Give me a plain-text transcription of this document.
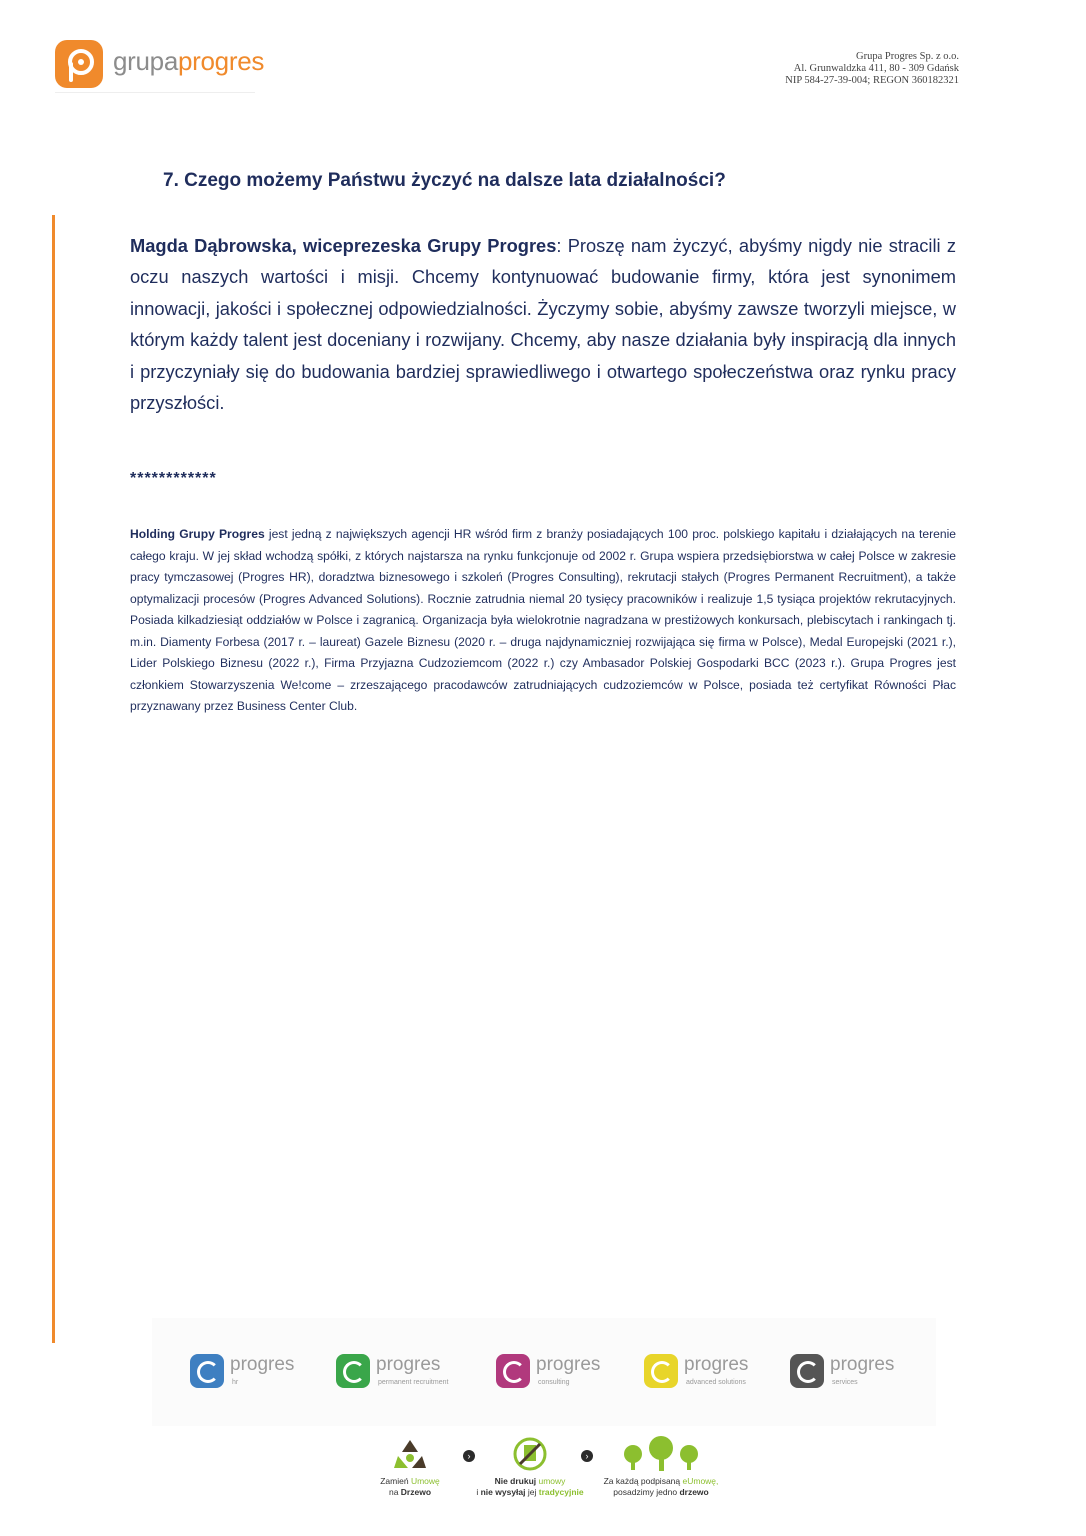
grupaprogres	Grupa Progres Sp. z o.o.
Al. Grunwaldzka 411, 80 - 309 Gdańsk
NIP 584-27-39-004; REGON 360182321
7. Czego możemy Państwu życzyć na dalsze lata działalności?
Magda Dąbrowska, wiceprezeska Grupy Progres: Proszę nam życzyć, abyśmy nigdy nie stracili z oczu naszych wartości i misji. Chcemy kontynuować budowanie firmy, która jest synonimem innowacji, jakości i społecznej odpowiedzialności. Życzymy sobie, abyśmy zawsze tworzyli miejsce, w którym każdy talent jest doceniany i rozwijany. Chcemy, aby nasze działania były inspiracją dla innych i przyczyniały się do budowania bardziej sprawiedliwego i otwartego społeczeństwa oraz rynku pracy przyszłości.
************
Holding Grupy Progres jest jedną z największych agencji HR wśród firm z branży posiadających 100 proc. polskiego kapitału i działających na terenie całego kraju. W jej skład wchodzą spółki, z których najstarsza na rynku funkcjonuje od 2002 r. Grupa wspiera przedsiębiorstwa w całej Polsce w zakresie pracy tymczasowej (Progres HR), doradztwa biznesowego i szkoleń (Progres Consulting), rekrutacji stałych (Progres Permanent Recruitment), a także optymalizacji procesów (Progres Advanced Solutions). Rocznie zatrudnia niemal 20 tysięcy pracowników i realizuje 1,5 tysiąca projektów rekrutacyjnych. Posiada kilkadziesiąt oddziałów w Polsce i zagranicą. Organizacja była wielokrotnie nagradzana w prestiżowych konkursach, plebiscytach i rankingach tj. m.in. Diamenty Forbesa (2017 r. – laureat) Gazele Biznesu (2020 r. – druga najdynamiczniej rozwijająca się firma w Polsce), Medal Europejski (2021 r.), Lider Polskiego Biznesu (2022 r.), Firma Przyjazna Cudzoziemcom (2022 r.) czy Ambasador Polskiej Gospodarki BCC (2023 r.). Grupa Progres jest członkiem Stowarzyszenia We!come – zrzeszającego pracodawców zatrudniających cudzoziemców w Polsce, posiada też certyfikat Równości Płac przyznawany przez Business Center Club.
progres
hr
progres
permanent recruitment
progres
consulting
progres
advanced solutions
progres
services
Zamień Umowę
na Drzewo
›
Nie drukuj umowy
i nie wysyłaj jej tradycyjnie
›
Za każdą podpisaną eUmowę,
posadzimy jedno drzewo
